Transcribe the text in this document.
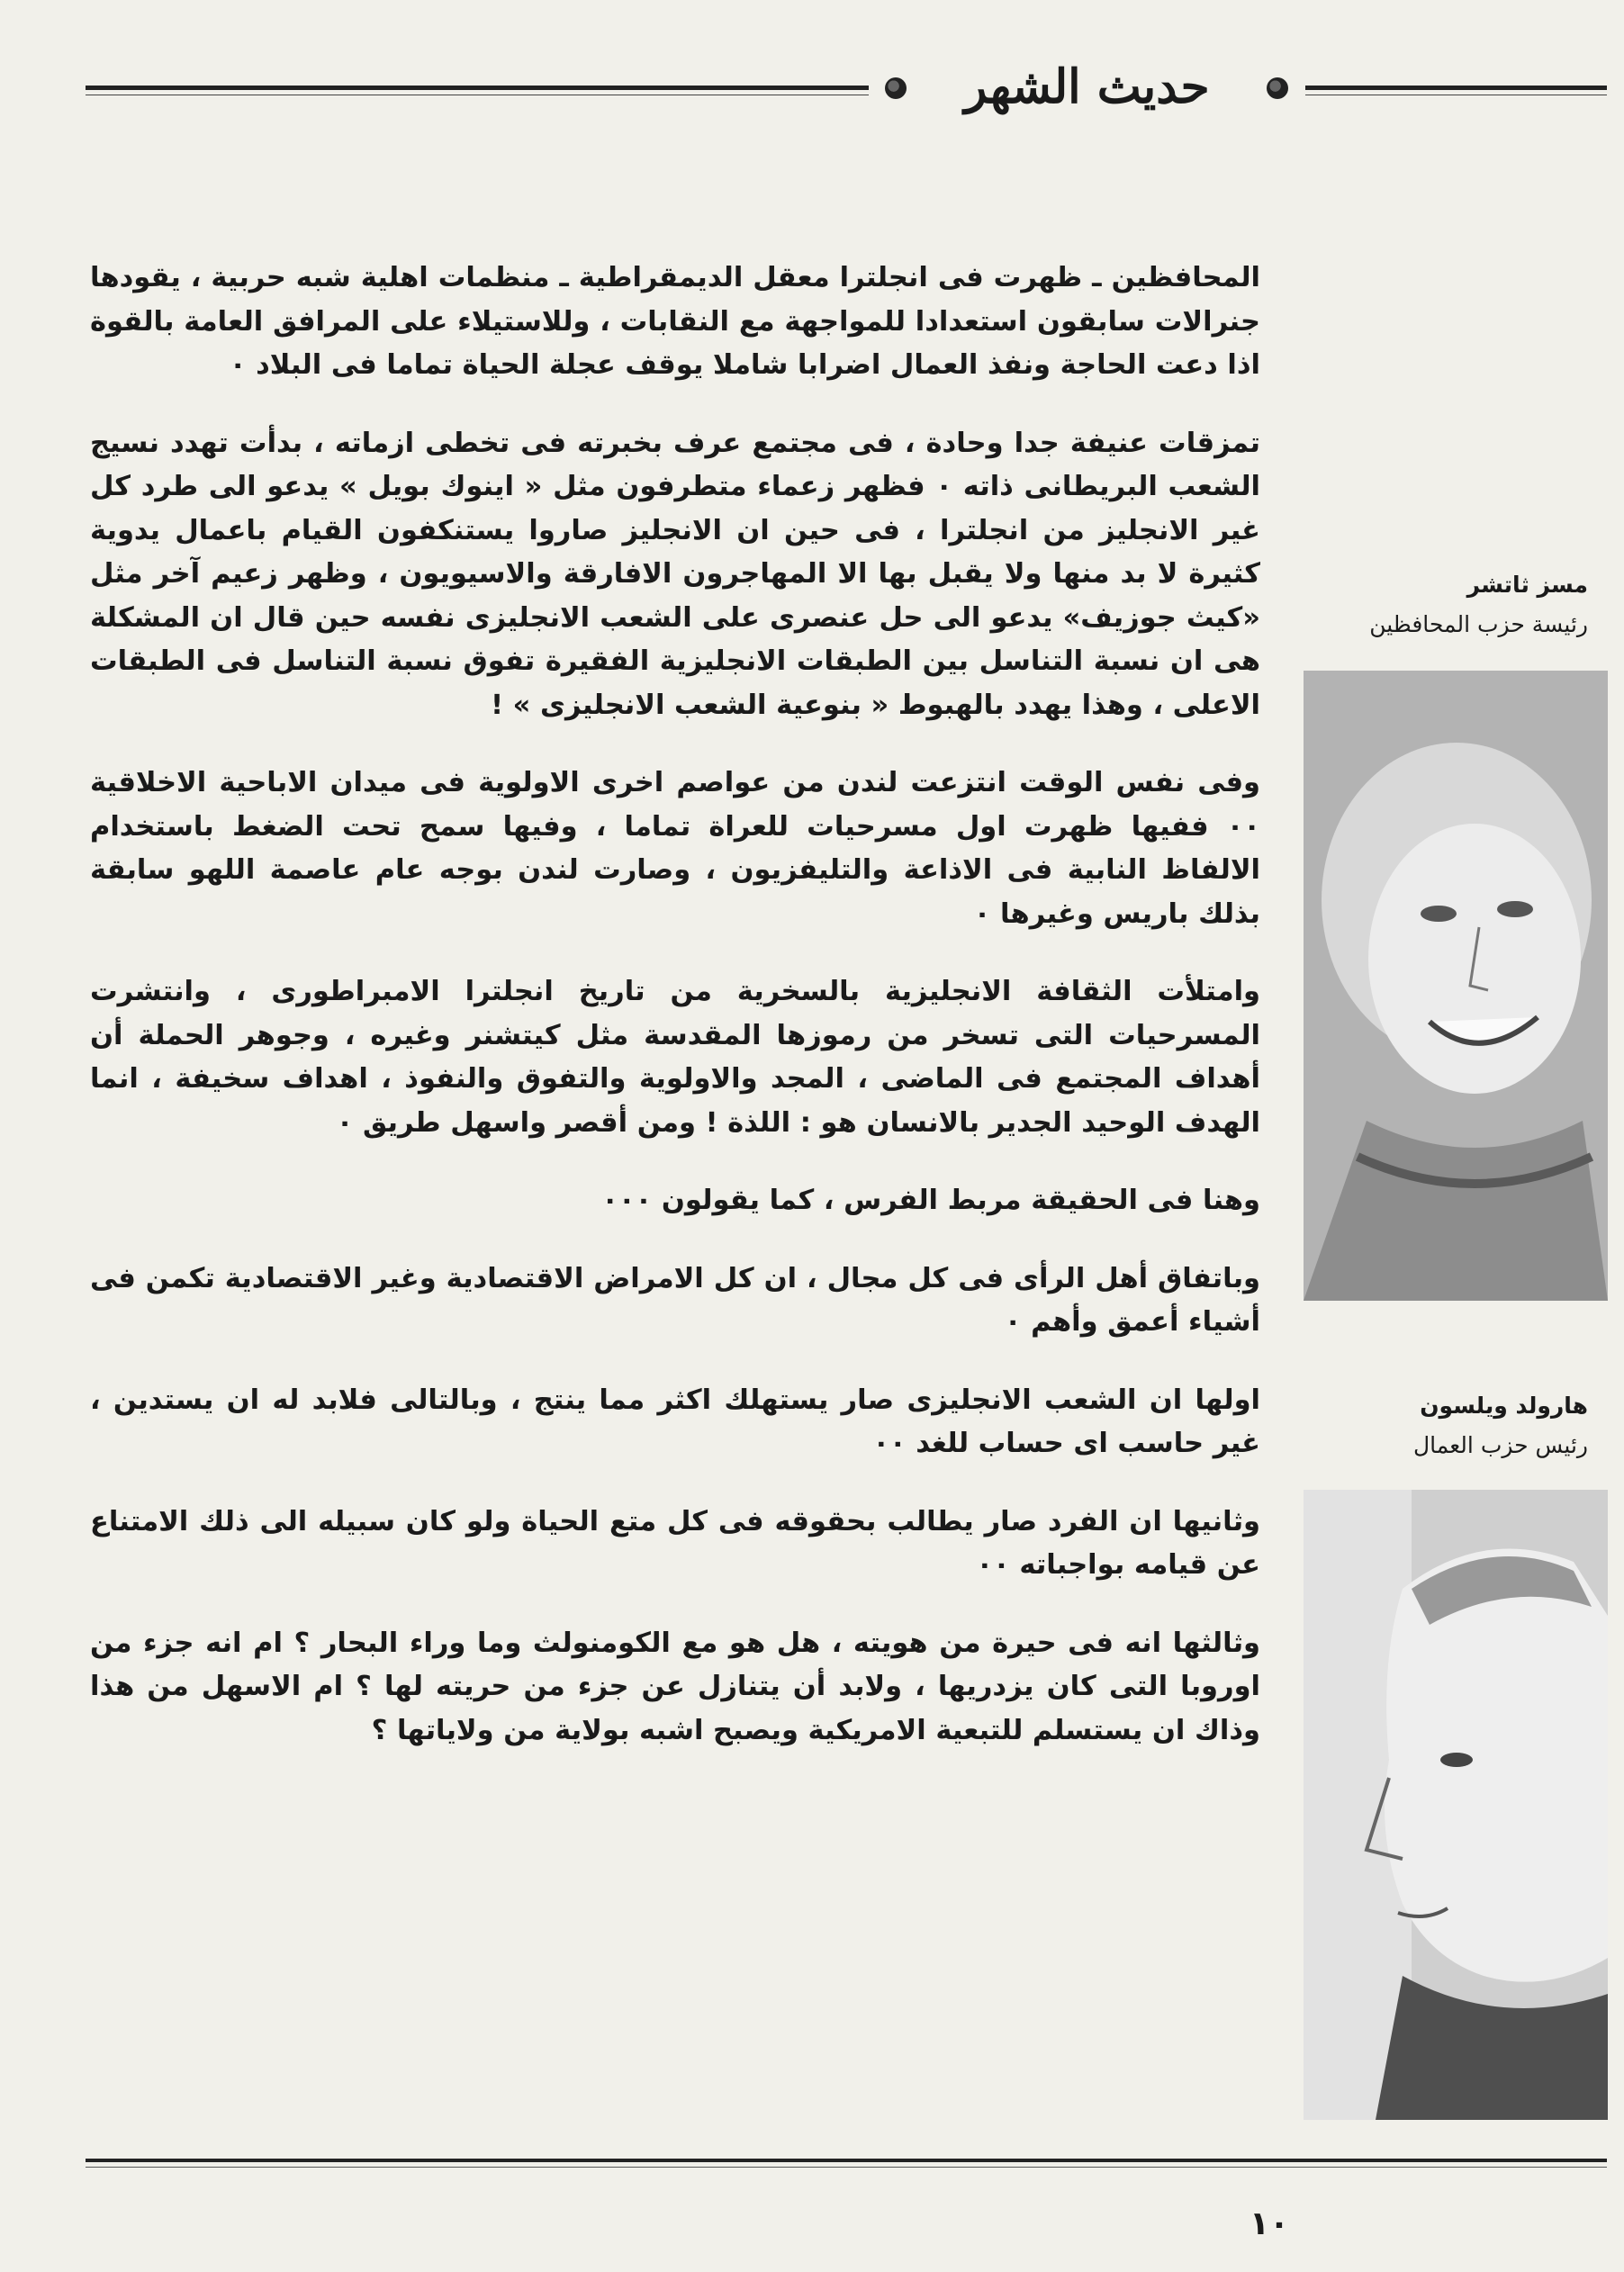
حديث الشهر

المحافظين ـ ظهرت فى انجلترا معقل الديمقراطية ـ منظمات اهلية شبه حربية ، يقودها جنرالات سابقون استعدادا للمواجهة مع النقابات ، وللاستيلاء على المرافق العامة بالقوة اذا دعت الحاجة ونفذ العمال اضرابا شاملا يوقف عجلة الحياة تماما فى البلاد ٠

تمزقات عنيفة جدا وحادة ، فى مجتمع عرف بخبرته فى تخطى ازماته ، بدأت تهدد نسيج الشعب البريطانى ذاته ٠ فظهر زعماء متطرفون مثل « اينوك بويل » يدعو الى طرد كل غير الانجليز من انجلترا ، فى حين ان الانجليز صاروا يستنكفون القيام باعمال يدوية كثيرة لا بد منها ولا يقبل بها الا المهاجرون الافارقة والاسيويون ، وظهر زعيم آخر مثل «كيث جوزيف» يدعو الى حل عنصرى على الشعب الانجليزى نفسه حين قال ان المشكلة هى ان نسبة التناسل بين الطبقات الانجليزية الفقيرة تفوق نسبة التناسل فى الطبقات الاعلى ، وهذا يهدد بالهبوط « بنوعية الشعب الانجليزى » !

وفى نفس الوقت انتزعت لندن من عواصم اخرى الاولوية فى ميدان الاباحية الاخلاقية ٠٠ ففيها ظهرت اول مسرحيات للعراة تماما ، وفيها سمح تحت الضغط باستخدام الالفاظ النابية فى الاذاعة والتليفزيون ، وصارت لندن بوجه عام عاصمة اللهو سابقة بذلك باريس وغيرها ٠

وامتلأت الثقافة الانجليزية بالسخرية من تاريخ انجلترا الامبراطورى ، وانتشرت المسرحيات التى تسخر من رموزها المقدسة مثل كيتشنر وغيره ، وجوهر الحملة أن أهداف المجتمع فى الماضى ، المجد والاولوية والتفوق والنفوذ ، اهداف سخيفة ، انما الهدف الوحيد الجدير بالانسان هو : اللذة ! ومن أقصر واسهل طريق ٠

وهنا فى الحقيقة مربط الفرس ، كما يقولون ٠٠٠

وباتفاق أهل الرأى فى كل مجال ، ان كل الامراض الاقتصادية وغير الاقتصادية تكمن فى أشياء أعمق وأهم ٠

اولها ان الشعب الانجليزى صار يستهلك اكثر مما ينتج ، وبالتالى فلابد له ان يستدين ، غير حاسب اى حساب للغد ٠٠

وثانيها ان الفرد صار يطالب بحقوقه فى كل متع الحياة ولو كان سبيله الى ذلك الامتناع عن قيامه بواجباته ٠٠

وثالثها انه فى حيرة من هويته ، هل هو مع الكومنولث وما وراء البحار ؟ ام انه جزء من اوروبا التى كان يزدريها ، ولابد أن يتنازل عن جزء من حريته لها ؟ ام الاسهل من هذا وذاك ان يستسلم للتبعية الامريكية ويصبح اشبه بولاية من ولاياتها ؟

مسز ثاتشر
رئيسة حزب المحافظين
هارولد ويلسون
رئيس حزب العمال
١٠
